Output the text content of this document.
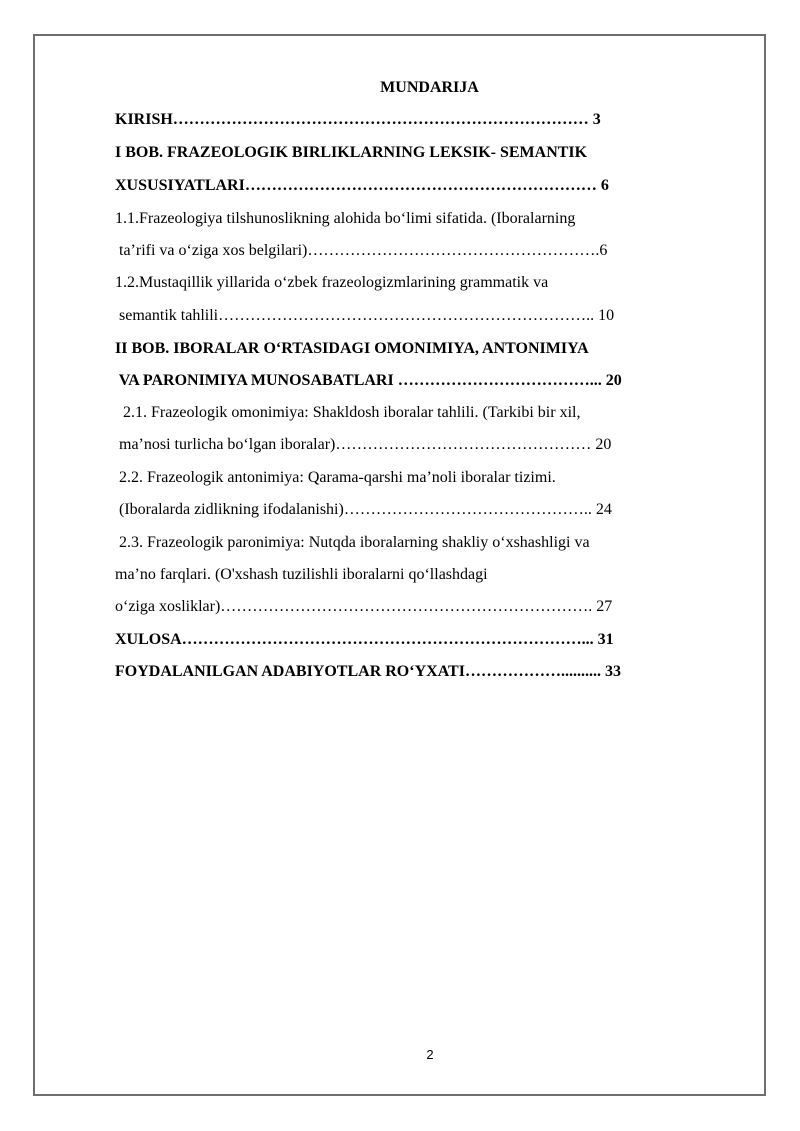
MUNDARIJA
KIRISH…………………………………………………………………… 3
I BOB. FRAZEOLOGIK BIRLIKLARNING LEKSIK- SEMANTIK
XUSUSIYATLARI………………………………………………………… 6
1.1.Frazeologiya tilshunoslikning alohida bo‘limi sifatida. (Iboralarning
ta’rifi va o‘ziga xos belgilari)……………………………………………….6
1.2.Mustaqillik yillarida o‘zbek frazeologizmlarining grammatik va
semantik tahlili…………………………………………………………….. 10
II BOB. IBORALAR O‘RTASIDAGI OMONIMIYA, ANTONIMIYA
VA PARONIMIYA MUNOSABATLARI ………………………………... 20
2.1. Frazeologik omonimiya: Shakldosh iboralar tahlili. (Tarkibi bir xil,
ma’nosi turlicha bo‘lgan iboralar)………………………………………… 20
2.2. Frazeologik antonimiya: Qarama-qarshi ma’noli iboralar tizimi.
(Iboralarda zidlikning ifodalanishi)……………………………………….. 24
2.3. Frazeologik paronimiya: Nutqda iboralarning shakliy o‘xshashligi va
ma’no farqlari. (O'xshash tuzilishli iboralarni qo‘llashdagi
o‘ziga xosliklar)……………………………………………………………. 27
XULOSA…………………………………………………………………... 31
FOYDALANILGAN ADABIYOTLAR RO‘YXATI……………….......... 33
2
